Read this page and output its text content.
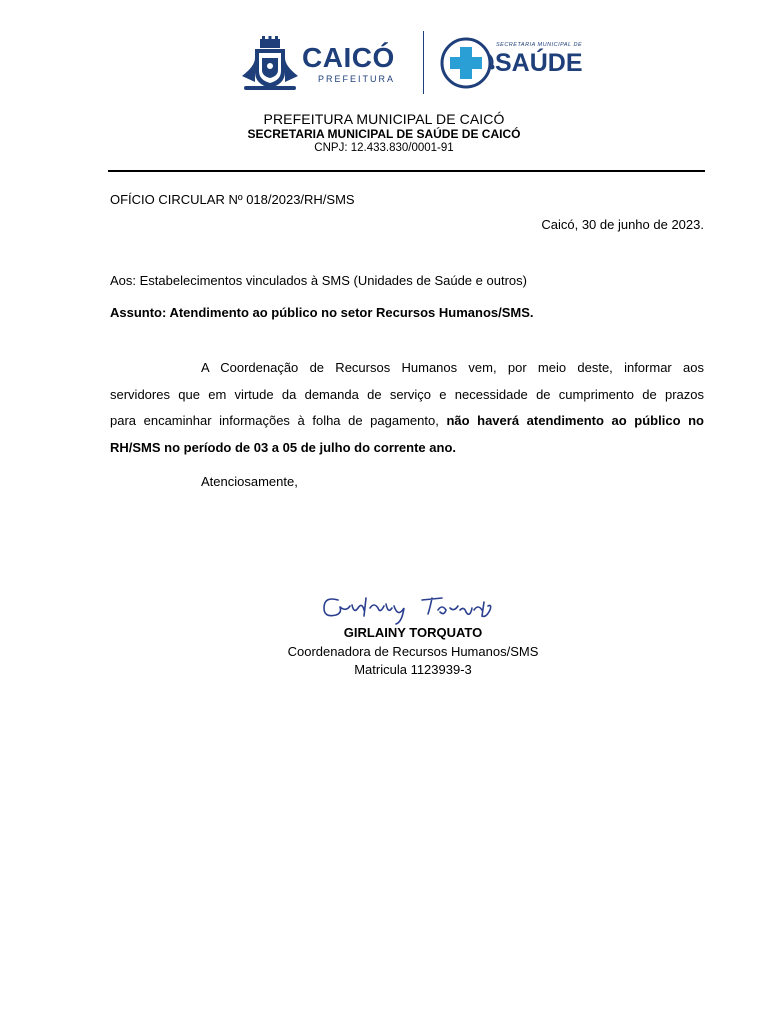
CAICÓ
PREFEITURA
SECRETARIA MUNICIPAL DE
SAÚDE
PREFEITURA MUNICIPAL DE CAICÓ
SECRETARIA MUNICIPAL DE SAÚDE DE CAICÓ
CNPJ: 12.433.830/0001-91
OFÍCIO CIRCULAR Nº 018/2023/RH/SMS
Caicó, 30 de junho de 2023.
Aos: Estabelecimentos vinculados à SMS (Unidades de Saúde e outros)
Assunto: Atendimento ao público no setor Recursos Humanos/SMS.
A Coordenação de Recursos Humanos vem, por meio deste, informar aos
servidores que em virtude da demanda de serviço e necessidade de cumprimento de prazos
para encaminhar informações à folha de pagamento, não haverá atendimento ao público no
RH/SMS no período de 03 a 05 de julho do corrente ano.
Atenciosamente,
GIRLAINY TORQUATO
Coordenadora de Recursos Humanos/SMS
Matricula 1123939-3
